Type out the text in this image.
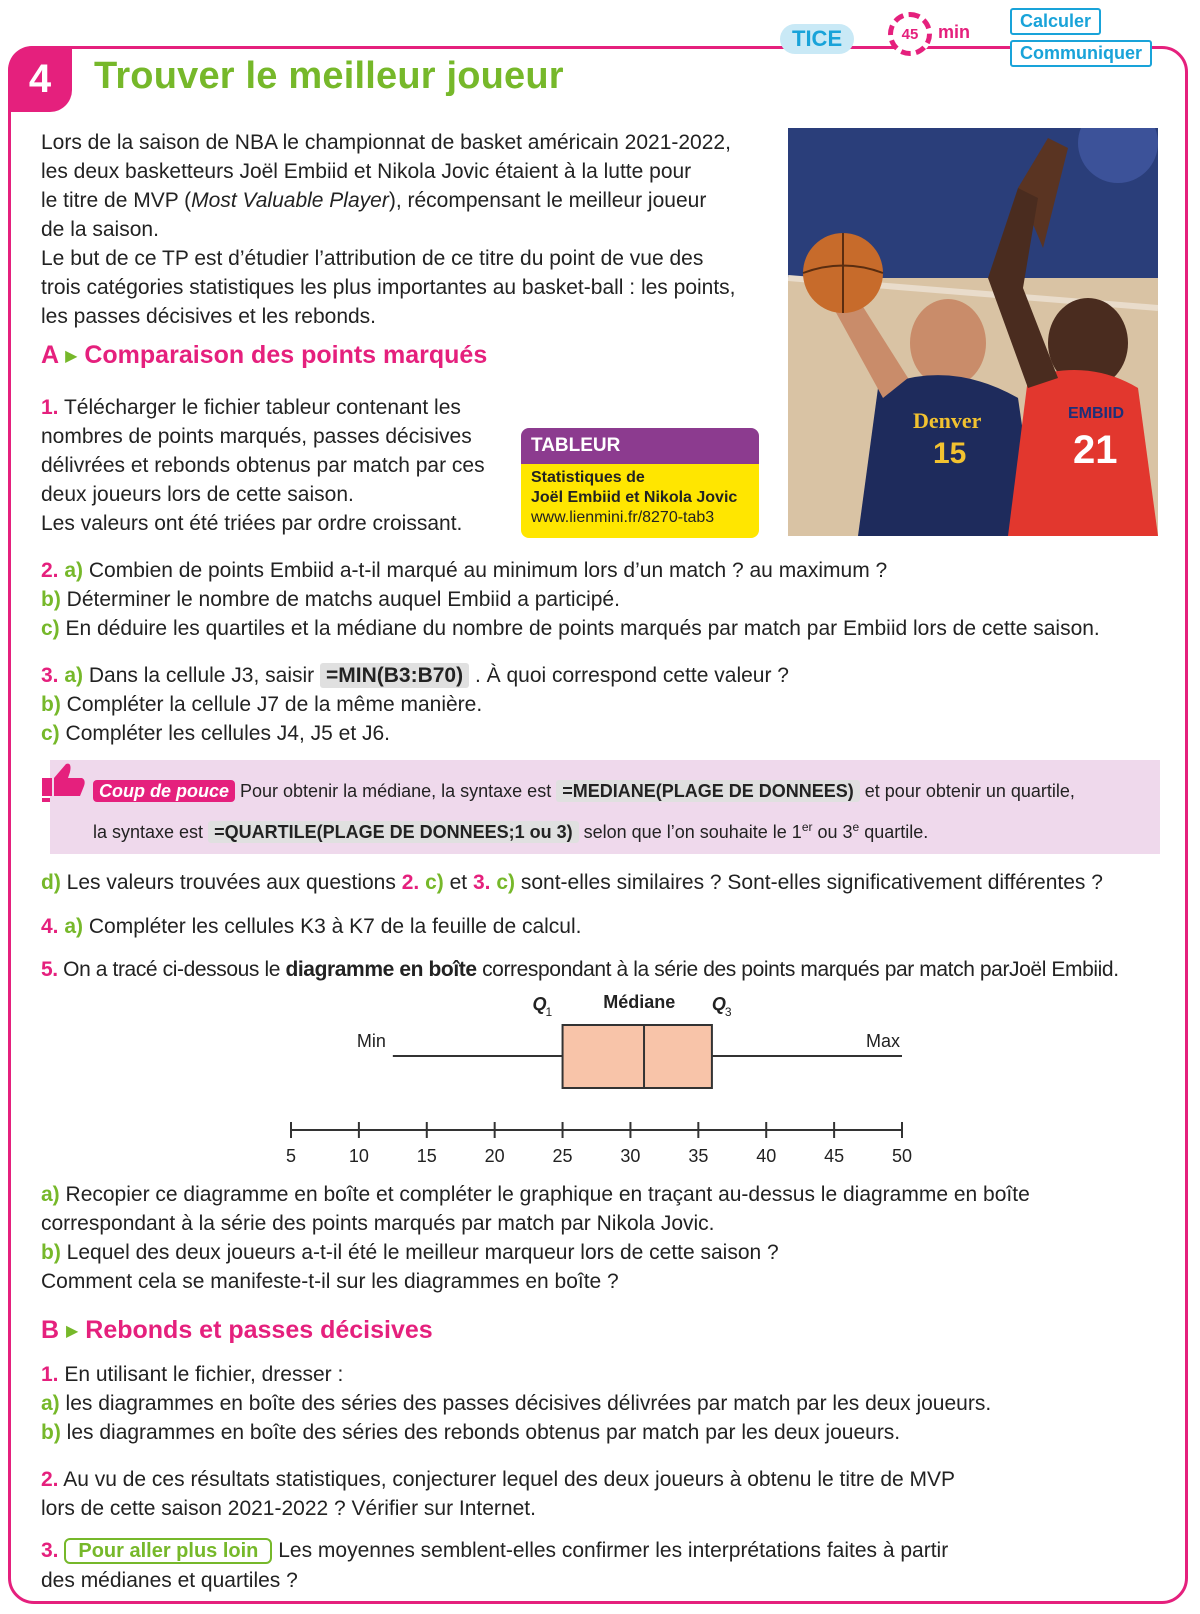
4	Trouver le meilleur joueur
TICE	45 min
Calculer
Communiquer
Lors de la saison de NBA le championnat de basket américain 2021-2022,
les deux basketteurs Joël Embiid et Nikola Jovic étaient à la lutte pour
le titre de MVP (Most Valuable Player), récompensant le meilleur joueur
de la saison.
Le but de ce TP est d’étudier l’attribution de ce titre du point de vue des
trois catégories statistiques les plus importantes au basket-ball : les points,
les passes décisives et les rebonds.
Denver
15
EMBIID
21
A ▶ Comparaison des points marqués
1. Télécharger le fichier tableur contenant les
nombres de points marqués, passes décisives
délivrées et rebonds obtenus par match par ces
deux joueurs lors de cette saison.
Les valeurs ont été triées par ordre croissant.
TABLEUR
Statistiques de
Joël Embiid et Nikola Jovic
www.lienmini.fr/8270-tab3
2. a) Combien de points Embiid a-t-il marqué au minimum lors d’un match ? au maximum ?
b) Déterminer le nombre de matchs auquel Embiid a participé.
c) En déduire les quartiles et la médiane du nombre de points marqués par match par Embiid lors de cette saison.
3. a) Dans la cellule J3, saisir =MIN(B3:B70) . À quoi correspond cette valeur ?
b) Compléter la cellule J7 de la même manière.
c) Compléter les cellules J4, J5 et J6.
Coup de pouce Pour obtenir la médiane, la syntaxe est =MEDIANE(PLAGE DE DONNEES) et pour obtenir un quartile,
la syntaxe est =QUARTILE(PLAGE DE DONNEES;1 ou 3) selon que l’on souhaite le 1er ou 3e quartile.
d) Les valeurs trouvées aux questions 2. c) et 3. c) sont-elles similaires ? Sont-elles significativement différentes ?
4. a) Compléter les cellules K3 à K7 de la feuille de calcul.
5. On a tracé ci-dessous le diagramme en boîte correspondant à la série des points marqués par match parJoël Embiid.
Q
1	Médiane Q
3
Min	Max
5	10	15	20	25	30	35	40	45	50
a) Recopier ce diagramme en boîte et compléter le graphique en traçant au-dessus le diagramme en boîte
correspondant à la série des points marqués par match par Nikola Jovic.
b) Lequel des deux joueurs a-t-il été le meilleur marqueur lors de cette saison ?
Comment cela se manifeste-t-il sur les diagrammes en boîte ?
B ▶ Rebonds et passes décisives
1. En utilisant le fichier, dresser :
a) les diagrammes en boîte des séries des passes décisives délivrées par match par les deux joueurs.
b) les diagrammes en boîte des séries des rebonds obtenus par match par les deux joueurs.
2. Au vu de ces résultats statistiques, conjecturer lequel des deux joueurs à obtenu le titre de MVP
lors de cette saison 2021-2022 ? Vérifier sur Internet.
3. Pour aller plus loin Les moyennes semblent-elles confirmer les interprétations faites à partir
des médianes et quartiles ?
